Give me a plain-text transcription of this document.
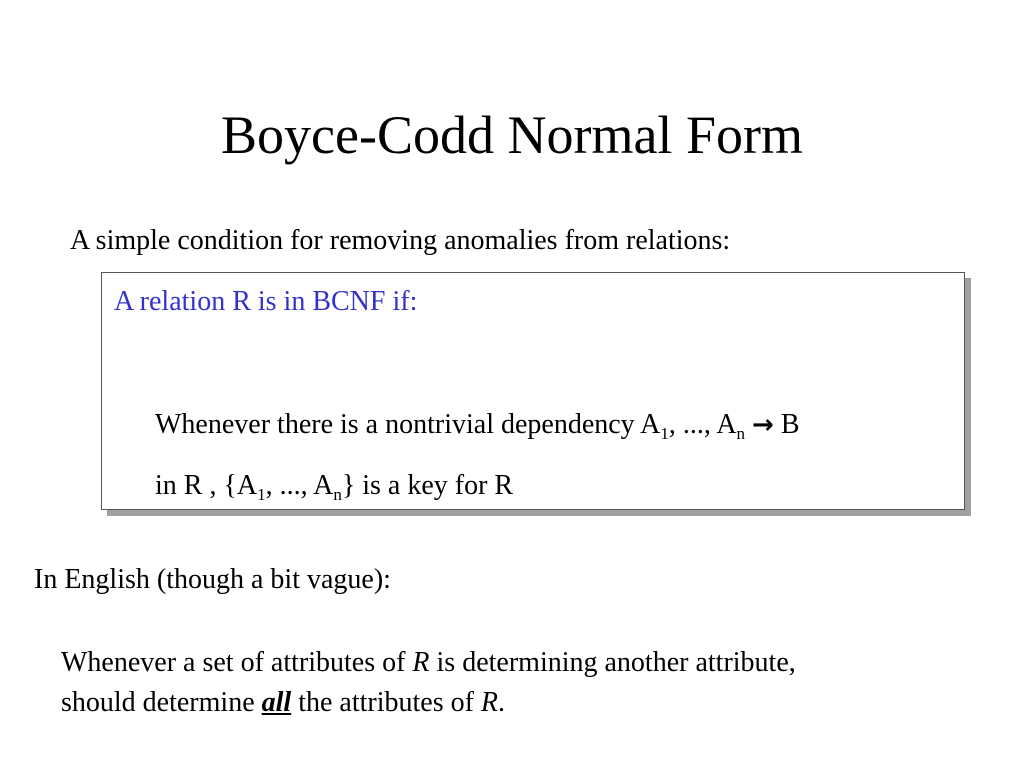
Boyce-Codd Normal Form
A simple condition for removing anomalies from relations:
A relation R is in BCNF if:
Whenever there is a nontrivial dependency $A_1$, ..., $A_n \to B$
in R , {$A_1$, ..., $A_n$} is a key for R
In English (though a bit vague):
Whenever a set of attributes of R is determining another attribute,
should determine all the attributes of R.
